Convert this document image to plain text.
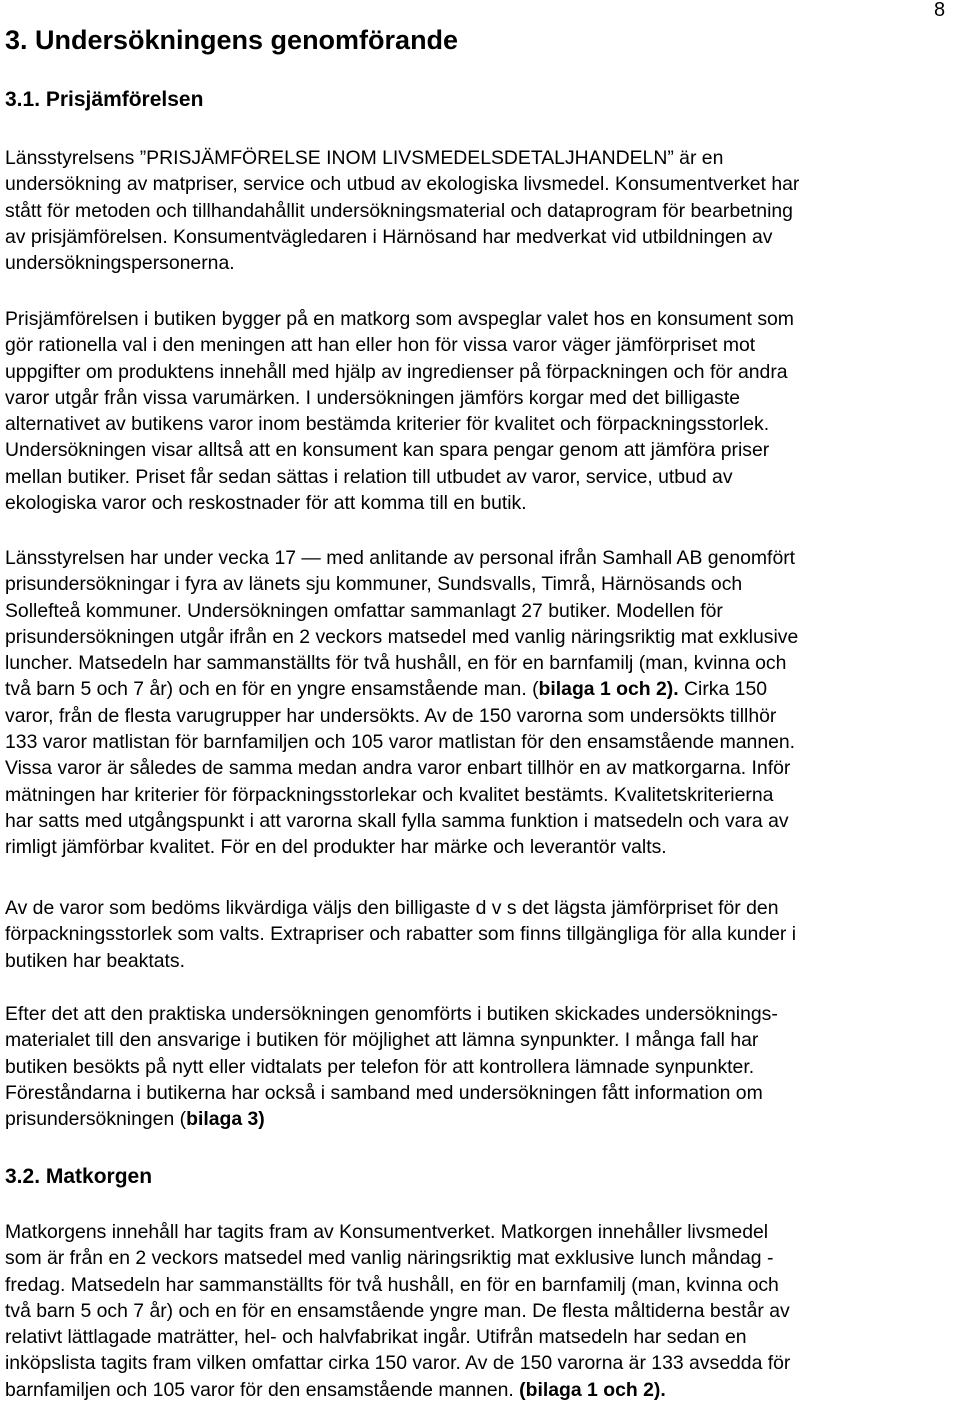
8
3. Undersökningens genomförande
3.1. Prisjämförelsen

Länsstyrelsens ”PRISJÄMFÖRELSE INOM LIVSMEDELSDETALJHANDELN” är en
undersökning av matpriser, service och utbud av ekologiska livsmedel. Konsumentverket har
stått för metoden och tillhandahållit undersökningsmaterial och dataprogram för bearbetning
av prisjämförelsen. Konsumentvägledaren i Härnösand har medverkat vid utbildningen av
undersökningspersonerna.

Prisjämförelsen i butiken bygger på en matkorg som avspeglar valet hos en konsument som
gör rationella val i den meningen att han eller hon för vissa varor väger jämförpriset mot
uppgifter om produktens innehåll med hjälp av ingredienser på förpackningen och för andra
varor utgår från vissa varumärken. I undersökningen jämförs korgar med det billigaste
alternativet av butikens varor inom bestämda kriterier för kvalitet och förpackningsstorlek.
Undersökningen visar alltså att en konsument kan spara pengar genom att jämföra priser
mellan butiker. Priset får sedan sättas i relation till utbudet av varor, service, utbud av
ekologiska varor och reskostnader för att komma till en butik.

Länsstyrelsen har under vecka 17 — med anlitande av personal ifrån Samhall AB genomfört
prisundersökningar i fyra av länets sju kommuner, Sundsvalls, Timrå, Härnösands och
Sollefteå kommuner. Undersökningen omfattar sammanlagt 27 butiker. Modellen för
prisundersökningen utgår ifrån en 2 veckors matsedel med vanlig näringsriktig mat exklusive
luncher. Matsedeln har sammanställts för två hushåll, en för en barnfamilj (man, kvinna och
två barn 5 och 7 år) och en för en yngre ensamstående man. (bilaga 1 och 2). Cirka 150
varor, från de flesta varugrupper har undersökts. Av de 150 varorna som undersökts tillhör
133 varor matlistan för barnfamiljen och 105 varor matlistan för den ensamstående mannen.
Vissa varor är således de samma medan andra varor enbart tillhör en av matkorgarna. Inför
mätningen har kriterier för förpackningsstorlekar och kvalitet bestämts. Kvalitetskriterierna
har satts med utgångspunkt i att varorna skall fylla samma funktion i matsedeln och vara av
rimligt jämförbar kvalitet. För en del produkter har märke och leverantör valts.

Av de varor som bedöms likvärdiga väljs den billigaste d v s det lägsta jämförpriset för den
förpackningsstorlek som valts. Extrapriser och rabatter som finns tillgängliga för alla kunder i
butiken har beaktats.

Efter det att den praktiska undersökningen genomförts i butiken skickades undersöknings-
materialet till den ansvarige i butiken för möjlighet att lämna synpunkter. I många fall har
butiken besökts på nytt eller vidtalats per telefon för att kontrollera lämnade synpunkter.
Föreståndarna i butikerna har också i samband med undersökningen fått information om
prisundersökningen (bilaga 3)

3.2. Matkorgen

Matkorgens innehåll har tagits fram av Konsumentverket. Matkorgen innehåller livsmedel
som är från en 2 veckors matsedel med vanlig näringsriktig mat exklusive lunch måndag -
fredag. Matsedeln har sammanställts för två hushåll, en för en barnfamilj (man, kvinna och
två barn 5 och 7 år) och en för en ensamstående yngre man. De flesta måltiderna består av
relativt lättlagade maträtter, hel- och halvfabrikat ingår. Utifrån matsedeln har sedan en
inköpslista tagits fram vilken omfattar cirka 150 varor. Av de 150 varorna är 133 avsedda för
barnfamiljen och 105 varor för den ensamstående mannen. (bilaga 1 och 2).
